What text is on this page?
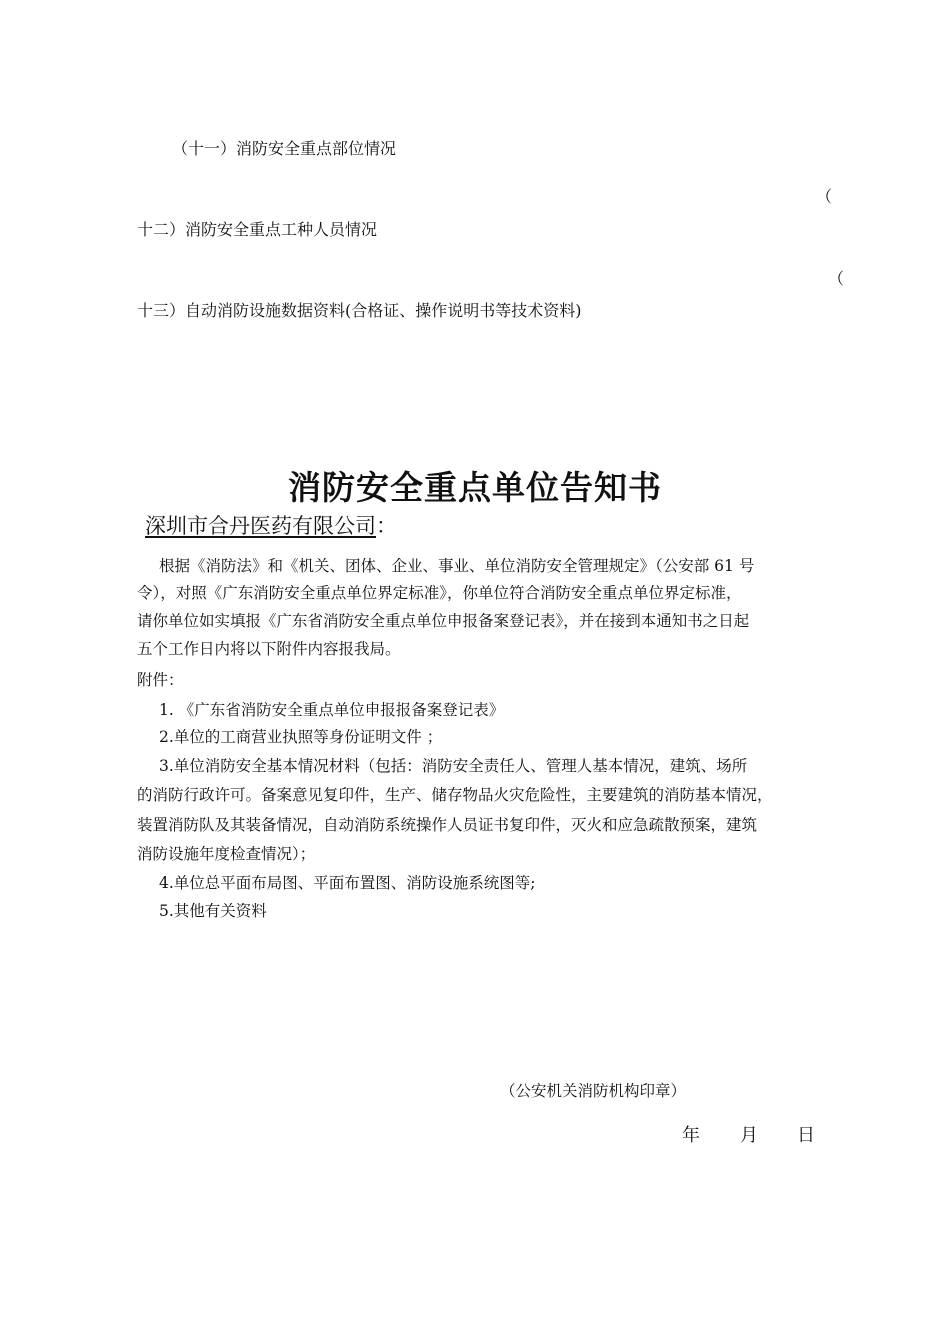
（十一）消防安全重点部位情况
（
十二）消防安全重点工种人员情况
（
十三）自动消防设施数据资料(合格证、操作说明书等技术资料)
消防安全重点单位告知书
深圳市合丹医药有限公司：
根据《消防法》和《机关、团体、企业、事业、单位消防安全管理规定》（公安部 61 号
令），对照《广东消防安全重点单位界定标准》，你单位符合消防安全重点单位界定标准，
请你单位如实填报《广东省消防安全重点单位申报备案登记表》，并在接到本通知书之日起
五个工作日内将以下附件内容报我局。
附件：
1. 《广东省消防安全重点单位申报报备案登记表》
2.单位的工商营业执照等身份证明文件 ；
3.单位消防安全基本情况材料（包括：消防安全责任人、管理人基本情况，建筑、场所
的消防行政许可。备案意见复印件，生产、储存物品火灾危险性，主要建筑的消防基本情况，
装置消防队及其装备情况，自动消防系统操作人员证书复印件，灭火和应急疏散预案，建筑
消防设施年度检查情况）；
4.单位总平面布局图、平面布置图、消防设施系统图等;
5.其他有关资料
（公安机关消防机构印章）
年 月 日
